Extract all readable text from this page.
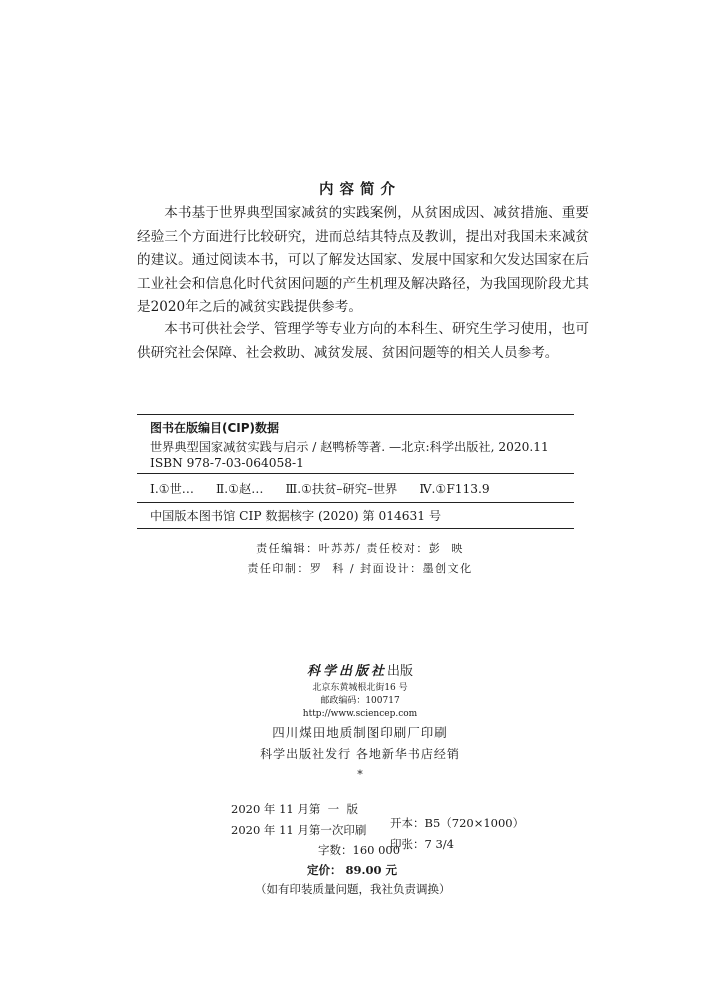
内容简介

本书基于世界典型国家减贫的实践案例，从贫困成因、减贫措施、重要经验三个方面进行比较研究，进而总结其特点及教训，提出对我国未来减贫的建议。通过阅读本书，可以了解发达国家、发展中国家和欠发达国家在后工业社会和信息化时代贫困问题的产生机理及解决路径，为我国现阶段尤其是2020年之后的减贫实践提供参考。

本书可供社会学、管理学等专业方向的本科生、研究生学习使用，也可供研究社会保障、社会救助、减贫发展、贫困问题等的相关人员参考。

图书在版编目(CIP)数据
世界典型国家减贫实践与启示 / 赵鸭桥等著. —北京:科学出版社, 2020.11
ISBN 978-7-03-064058-1
Ⅰ.①世… Ⅱ.①赵… Ⅲ.①扶贫–研究–世界 Ⅳ.①F113.9
中国版本图书馆 CIP 数据核字 (2020) 第 014631 号
责任编辑：叶苏苏/ 责任校对：彭  映
责任印制：罗  科 / 封面设计：墨创文化
科学出版社出版
北京东黄城根北街16 号
邮政编码：100717
http://www.sciencep.com
四川煤田地质制图印刷厂印刷
科学出版社发行 各地新华书店经销
*

2020 年 11 月第  一  版

开本：B5（720×1000）

2020 年 11 月第一次印刷

印张：7 3/4

字数：160 000

定价： 89.00 元

（如有印装质量问题，我社负责调换）
